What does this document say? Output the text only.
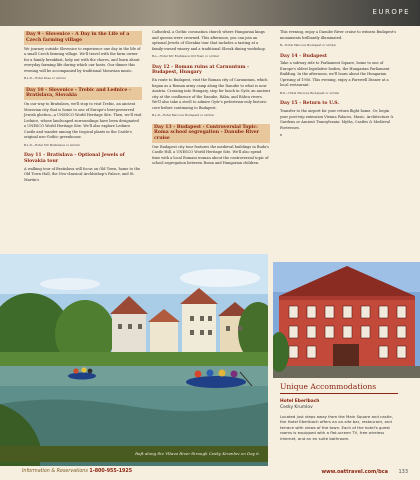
EUROPE
Day 9 - Slovenice - A Day in the Life of a Czech farming village
We journey outside Slovenice to experience one day in the life of a small Czech farming village. We'll travel with the farm owner for a family breakfast, help out with the chores, and learn about everyday farming life during which our hosts. Our dinner this evening will be accompanied by traditional Moravian music.
B,L,D—Hotel Rose or similar
Day 10 - Slovenice - Trebic and Lednice - Bratislava, Slovakia
On our way to Bratislava, we'll stop to visit Trebic, an ancient Moravian city that is home to one of Europe's best-preserved Jewish ghettos—a UNESCO World Heritage Site. Then, we'll visit Lednice, whose landscaped surroundings have been designated a UNESCO World Heritage Site. We'll also explore Lednice Castle and wander among the tropical plants in the Castle's original neo-Gothic greenhouse.
B,L,D—Hotel Sitr Bratislava or similar
Day 11 - Bratislava - Optional Jewels of Slovakia tour
A walking tour of Bratislava will focus on Old Town, home to the Old Town Hall, the Neo-classical Archbishop's Palace, and St. Martin's
Cathedral, a Gothic coronation church where Hungarian kings and queens were crowned. This afternoon, you can join an optional Jewels of Slovakia tour that includes a tasting at a family-owned winery and a traditional Slovak dining workshop.
B,L—Hotel Sitr Bratislava Old Town or similar
Day 12 - Roman ruins at Carnuntum - Budapest, Hungary
En route to Budapest, visit the Roman city of Carnuntum, which began as a Roman army camp along the Danube to what is now Austria. Crossing into Hungary, stop for lunch in Győr, an ancient city at the confluence of the Danube, Rába, and Rábca rivers. We'll also take a stroll to admire Győr's pedestrian-only historic core before continuing to Budapest.
B,L,D—Hotel Mercure Budapest or similar
Day 13 - Budapest - Controversial Topic: Roma school segregation - Danube River cruise
Our Budapest city tour features the medieval buildings in Buda's Castle Hill, a UNESCO World Heritage Site. We'll also spend time with a local Romani woman about the controversial topic of school segregation between Roma and Hungarian children.
This evening, enjoy a Danube River cruise to witness Budapest's monuments brilliantly illuminated.
B—Hotel Mercure Budapest or similar
Day 14 - Budapest
Take a subway ride to Parliament Square, home to one of Europe's oldest legislative bodies, the Hungarian Parliament Building. In the afternoon, we'll learn about the Hungarian Uprising of 1956. This evening, enjoy a Farewell Dinner at a local restaurant.
B,D—Hotel Mercure Budapest or similar
Day 15 - Return to U.S.
Transfer to the airport for your return flight home. Or, begin your post-trip extension Vienna Palaces, Music, Architecture & Gardens or Ancient Transylvania: Myths, Castles & Medieval Fortresses.
B
Raft along the Vltava River through Cesky Krumlov on Day 6.
Unique Accommodations
Hotel Eberlbach
Cesky Krumlov
Located just steps away from the Main Square and castle, the Hotel Eberlbach offers an on-site bar, restaurant, and terrace with views of the town. Each of the hotel's guest rooms is equipped with a flat-screen TV, free wireless internet, and an en suite bathroom.
Information & Reservations 1-800-955-1925	www.oattravel.com/bca 133
